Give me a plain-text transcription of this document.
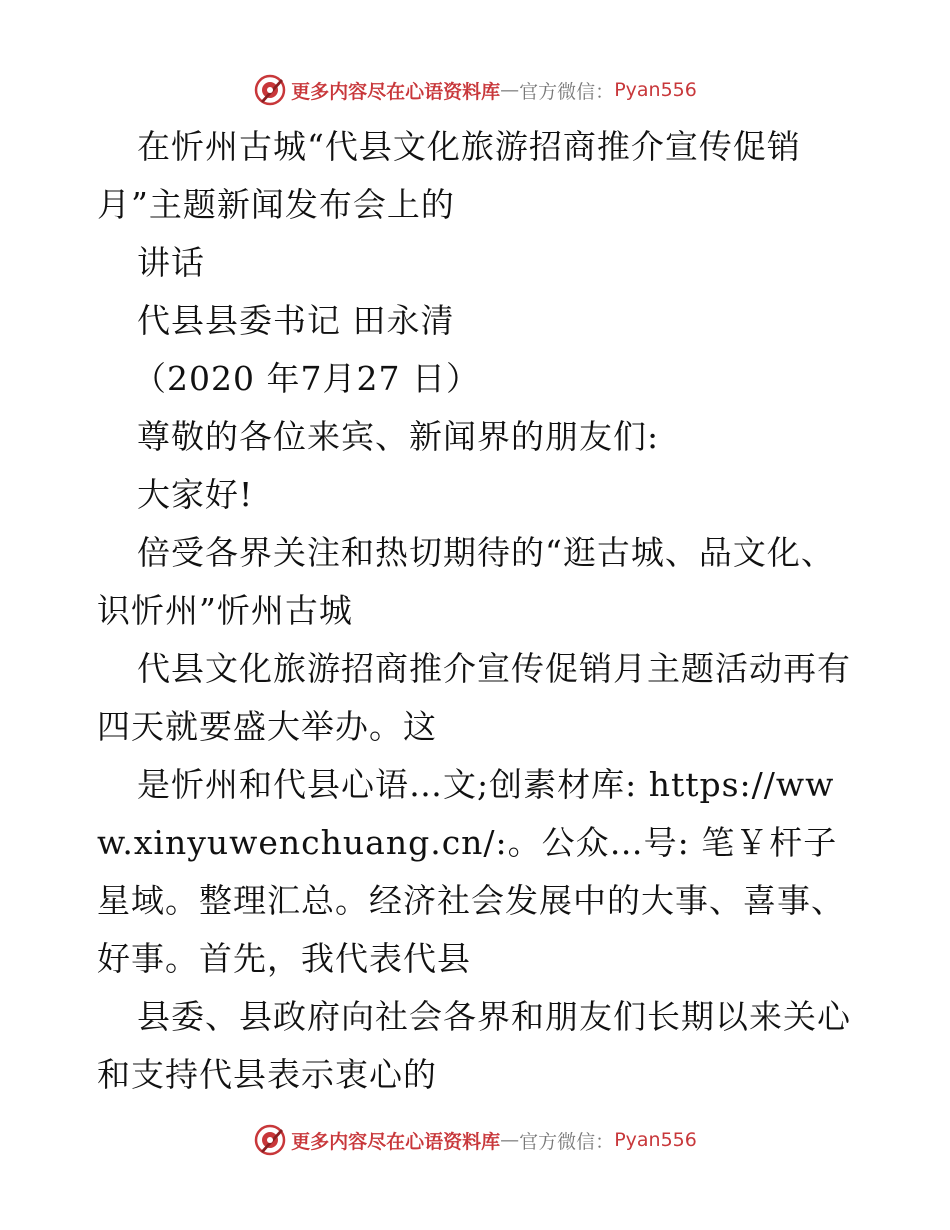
更多内容尽在心语资料库 — 官方微信： Pyan556

在忻州古城“代县文化旅游招商推介宣传促销月”主题新闻发布会上的

讲话

代县县委书记 田永清

（2020 年7月27 日）

尊敬的各位来宾、新闻界的朋友们:

大家好!

倍受各界关注和热切期待的“逛古城、品文化、识忻州”忻州古城

代县文化旅游招商推介宣传促销月主题活动再有四天就要盛大举办。这

是忻州和代县心语…文;创素材库: https://www.xinyuwenchuang.cn/:。公众…号: 笔￥杆子星域。整理汇总。经济社会发展中的大事、喜事、好事。首先，我代表代县

县委、县政府向社会各界和朋友们长期以来关心和支持代县表示衷心的

更多内容尽在心语资料库 — 官方微信： Pyan556
